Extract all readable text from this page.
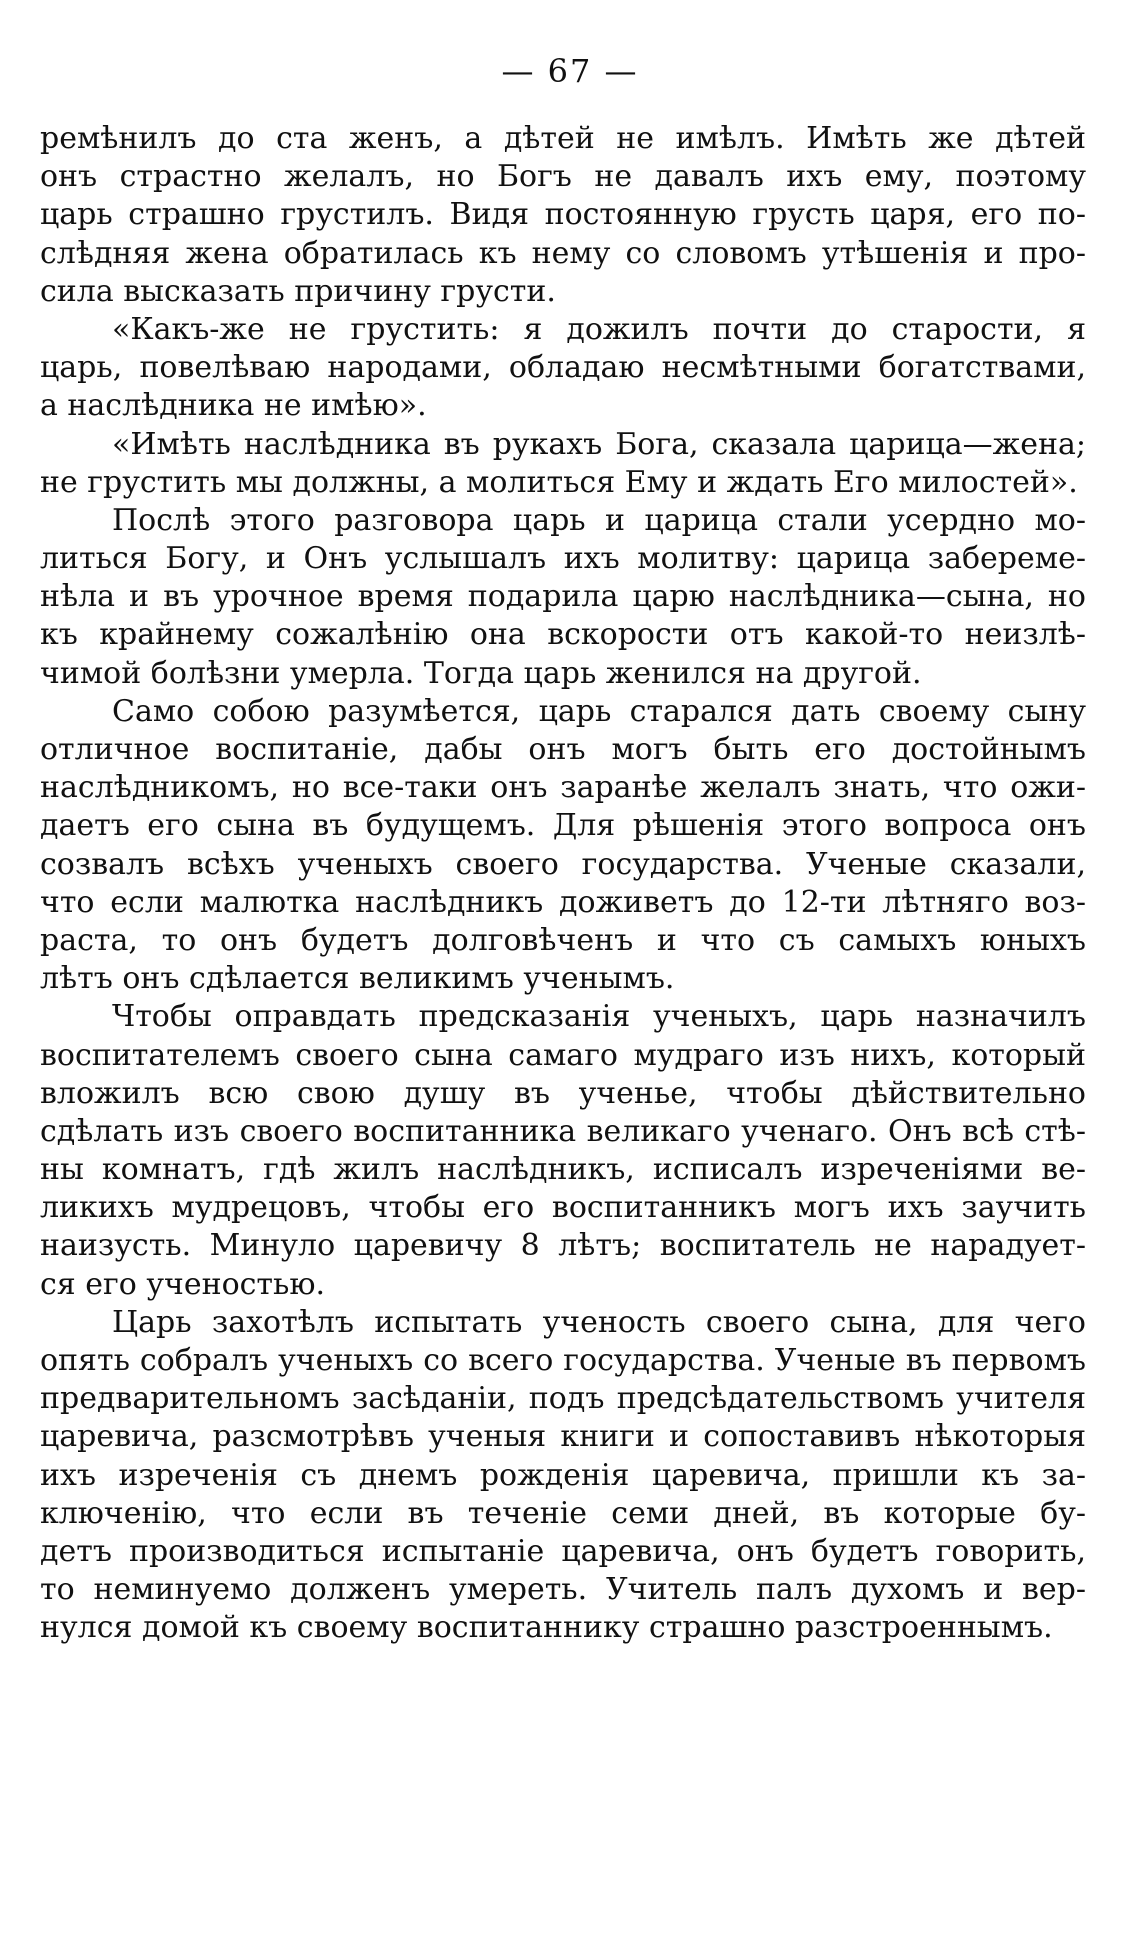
— 67 —
ремѣнилъ до ста женъ, а дѣтей не имѣлъ. Имѣть же дѣтей
онъ страстно желалъ, но Богъ не давалъ ихъ ему, поэтому
царь страшно грустилъ. Видя постоянную грусть царя, его по-
слѣдняя жена обратилась къ нему со словомъ утѣшенія и про-
сила высказать причину грусти.
«Какъ-же не грустить: я дожилъ почти до старости, я
царь, повелѣваю народами, обладаю несмѣтными богатствами,
а наслѣдника не имѣю».
«Имѣть наслѣдника въ рукахъ Бога, сказала царица—жена;
не грустить мы должны, а молиться Ему и ждать Его милостей».
Послѣ этого разговора царь и царица стали усердно мо-
литься Богу, и Онъ услышалъ ихъ молитву: царица забереме-
нѣла и въ урочное время подарила царю наслѣдника—сына, но
къ крайнему сожалѣнію она вскорости отъ какой-то неизлѣ-
чимой болѣзни умерла. Тогда царь женился на другой.
Само собою разумѣется, царь старался дать своему сыну
отличное воспитаніе, дабы онъ могъ быть его достойнымъ
наслѣдникомъ, но все-таки онъ заранѣе желалъ знать, что ожи-
даетъ его сына въ будущемъ. Для рѣшенія этого вопроса онъ
созвалъ всѣхъ ученыхъ своего государства. Ученые сказали,
что если малютка наслѣдникъ доживетъ до 12-ти лѣтняго воз-
раста, то онъ будетъ долговѣченъ и что съ самыхъ юныхъ
лѣтъ онъ сдѣлается великимъ ученымъ.
Чтобы оправдать предсказанія ученыхъ, царь назначилъ
воспитателемъ своего сына самаго мудраго изъ нихъ, который
вложилъ всю свою душу въ ученье, чтобы дѣйствительно
сдѣлать изъ своего воспитанника великаго ученаго. Онъ всѣ стѣ-
ны комнатъ, гдѣ жилъ наслѣдникъ, исписалъ изреченіями ве-
ликихъ мудрецовъ, чтобы его воспитанникъ могъ ихъ заучить
наизусть. Минуло царевичу 8 лѣтъ; воспитатель не нарадует-
ся его ученостью.
Царь захотѣлъ испытать ученость своего сына, для чего
опять собралъ ученыхъ со всего государства. Ученые въ первомъ
предварительномъ засѣданіи, подъ предсѣдательствомъ учителя
царевича, разсмотрѣвъ ученыя книги и сопоставивъ нѣкоторыя
ихъ изреченія съ днемъ рожденія царевича, пришли къ за-
ключенію, что если въ теченіе семи дней, въ которые бу-
детъ производиться испытаніе царевича, онъ будетъ говорить,
то неминуемо долженъ умереть. Учитель палъ духомъ и вер-
нулся домой къ своему воспитаннику страшно разстроеннымъ.
